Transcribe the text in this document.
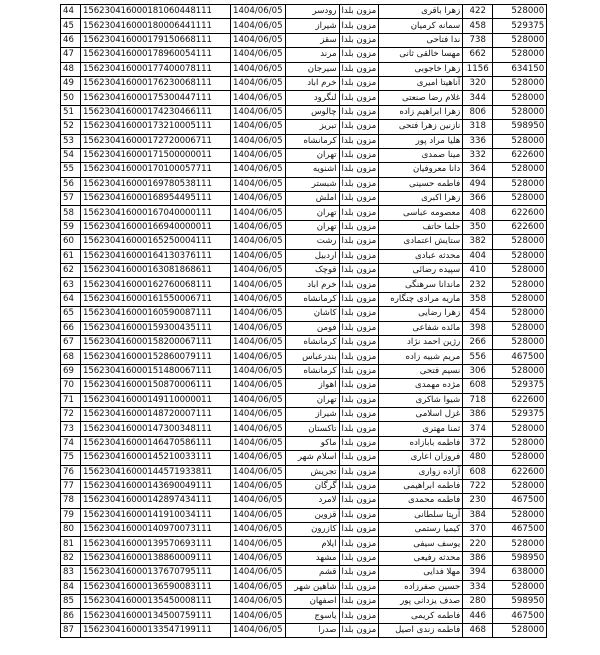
44	156230416000181060448111	1404/06/05	رودسر	مزون بلدا	زهرا باقری	422	528000
45	156230416000180006441111	1404/06/05	شیراز	مزون بلدا	سمانه کرمیان	458	529375
46	156230416000179150668111	1404/06/05	سقز	مزون بلدا	ندا فتاحی	738	528000
47	156230416000178960054111	1404/06/05	مرند	مزون بلدا	مهسا خالقی ثانی	662	528000
48	156230416000177400078111	1404/06/05	سیرجان	مزون بلدا	زهرا خاجوبی	1156	634150
49	156230416000176230068111	1404/06/05	خرم اباد	مزون بلدا	آناهیتا امیری	320	528000
50	156230416000175300447111	1404/06/05	لنگرود	مزون بلدا	غلام رضا صنعتی	344	528000
51	156230416000174230466111	1404/06/05	چالوس	مزون بلدا	زهرا ابراهیم زاده	806	528000
52	156230416000173210005111	1404/06/05	تبریز	مزون بلدا	نازنین زهرا فتحی	318	598950
53	156230416000172720006711	1404/06/05	کرمانشاه	مزون بلدا	هلیا مراد پور	336	528000
54	156230416000171500000011	1404/06/05	تهران	مزون بلدا	مینا صمدی	332	622600
55	156230416000170100057711	1404/06/05	اشنویه	مزون بلدا	دانا معروفیان	364	528000
56	156230416000169780538111	1404/06/05	شبستر	مزون بلدا	فاطمه حسینی	494	528000
57	156230416000168954495111	1404/06/05	املش	مزون بلدا	زهرا اکبری	366	528000
58	156230416000167040000111	1404/06/05	تهران	مزون بلدا	معصومه عباسی	408	622600
59	156230416000166940000011	1404/06/05	تهران	مزون بلدا	حلما حاتف	350	622600
60	156230416000165250004111	1404/06/05	رشت	مزون بلدا	ستایش اعتمادی	382	528000
61	156230416000164130376111	1404/06/05	اردبیل	مزون بلدا	محدثه عبادی	404	528000
62	156230416000163081868611	1404/06/05	قوچک	مزون بلدا	سپیده رضائی	410	528000
63	156230416000162760068111	1404/06/05	خرم اباد	مزون بلدا	ماندانا سرهنگی	232	528000
64	156230416000161550006711	1404/06/05	کرمانشاه	مزون بلدا	ماریه مرادی چنگاره	358	528000
65	156230416000160590087111	1404/06/05	کاشان	مزون بلدا	زهرا رضایی	454	528000
66	156230416000159300435111	1404/06/05	فومن	مزون بلدا	مائده شفاعی	398	528000
67	156230416000158200067111	1404/06/05	کرمانشاه	مزون بلدا	رژین احمد نژاد	266	528000
68	156230416000152860079111	1404/06/05	بندرعباس	مزون بلدا	مریم شبیه زاده	556	467500
69	156230416000151480067111	1404/06/05	کرمانشاه	مزون بلدا	نسیم فتحی	306	528000
70	156230416000150870006111	1404/06/05	اهواز	مزون بلدا	مژده مهمدی	608	529375
71	156230416000149110000011	1404/06/05	تهران	مزون بلدا	شیوا شاکری	718	622600
72	156230416000148720007111	1404/06/05	شیراز	مزون بلدا	غزل اسلامی	386	529375
73	156230416000147300348111	1404/06/05	تاکستان	مزون بلدا	ثمنا مهتری	374	528000
74	156230416000146470586111	1404/06/05	ماکو	مزون بلدا	فاطمه بابازاده	372	528000
75	156230416000145210033111	1404/06/05	اسلام شهر	مزون بلدا	فروزان اعاری	480	528000
76	156230416000144571933811	1404/06/05	تجریش	مزون بلدا	آزاده زواری	608	622600
77	156230416000143690049111	1404/06/05	گرگان	مزون بلدا	فاطمه ابراهیمی	722	528000
78	156230416000142897434111	1404/06/05	لامرد	مزون بلدا	فاطمه محمدی	230	467500
79	156230416000141910034111	1404/06/05	قزوین	مزون بلدا	آرپتا سلطانی	384	528000
80	156230416000140970073111	1404/06/05	کازرون	مزون بلدا	کیمیا رستمی	370	467500
81	156230416000139570693111	1404/06/05	ایلام	مزون بلدا	یوسف سیفی	220	528000
82	156230416000138860009111	1404/06/05	مشهد	مزون بلدا	محدثه رفیعی	386	598950
83	156230416000137670795111	1404/06/05	قشم	مزون بلدا	مهلا فدایی	394	638000
84	156230416000136590083111	1404/06/05	شاهین شهر	مزون بلدا	حسین صفرزاده	334	528000
85	156230416000135450008111	1404/06/05	اصفهان	مزون بلدا	صدف یزدانی پور	280	598950
86	156230416000134500759111	1404/06/05	یاسوج	مزون بلدا	فاطمه کریمی	446	467500
87	156230416000133547199111	1404/06/05	صدرا	مزون بلدا	فاطمه زندی اصیل	468	528000
